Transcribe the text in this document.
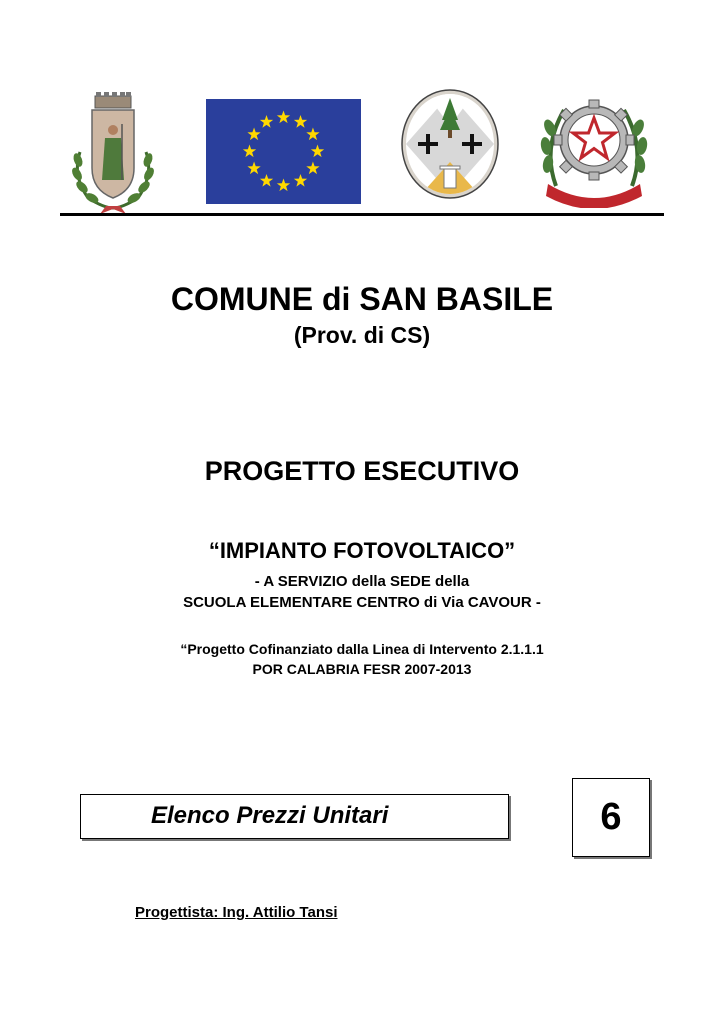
COMUNE di SAN BASILE
(Prov. di CS)
PROGETTO ESECUTIVO
“IMPIANTO FOTOVOLTAICO”
- A SERVIZIO della SEDE della
SCUOLA ELEMENTARE CENTRO di Via CAVOUR -
“Progetto Cofinanziato dalla Linea di Intervento 2.1.1.1
POR CALABRIA FESR 2007-2013
Elenco Prezzi Unitari	6
Progettista: Ing. Attilio Tansi
